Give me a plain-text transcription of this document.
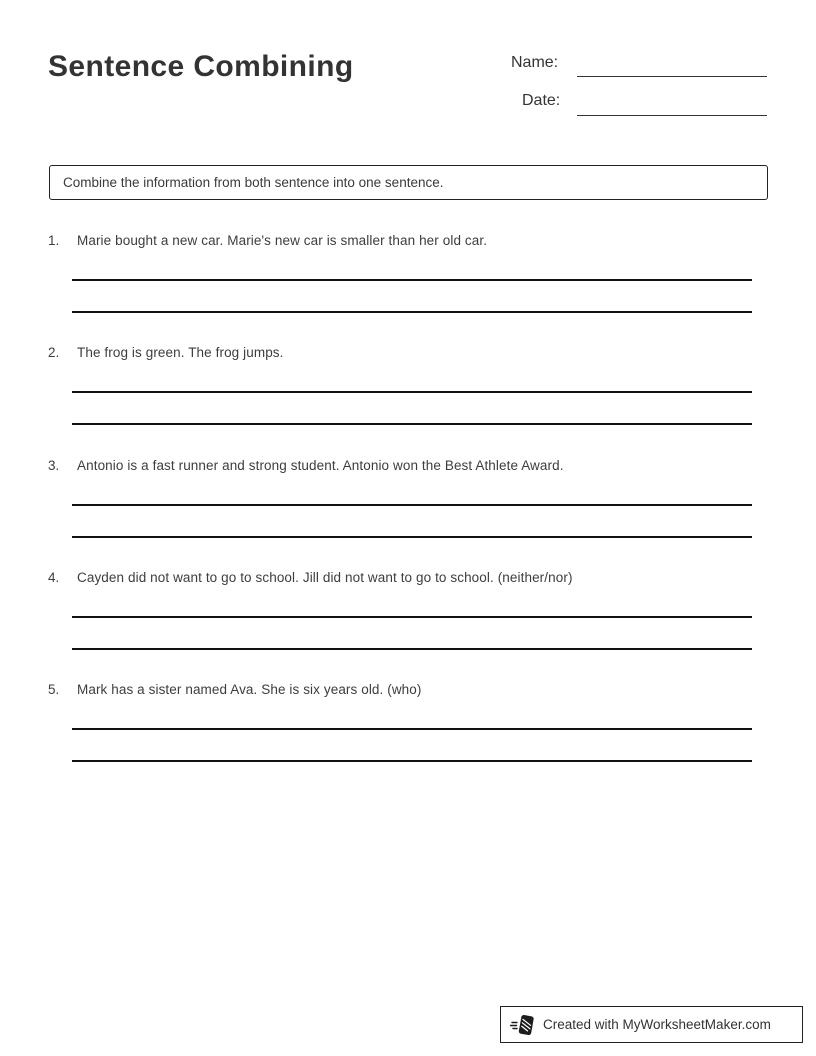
Sentence Combining	Name:
Date:
Combine the information from both sentence into one sentence.
1. Marie bought a new car. Marie's new car is smaller than her old car.
2. The frog is green. The frog jumps.
3. Antonio is a fast runner and strong student. Antonio won the Best Athlete Award.
4. Cayden did not want to go to school. Jill did not want to go to school. (neither/nor)
5. Mark has a sister named Ava. She is six years old. (who)
Created with MyWorksheetMaker.com
